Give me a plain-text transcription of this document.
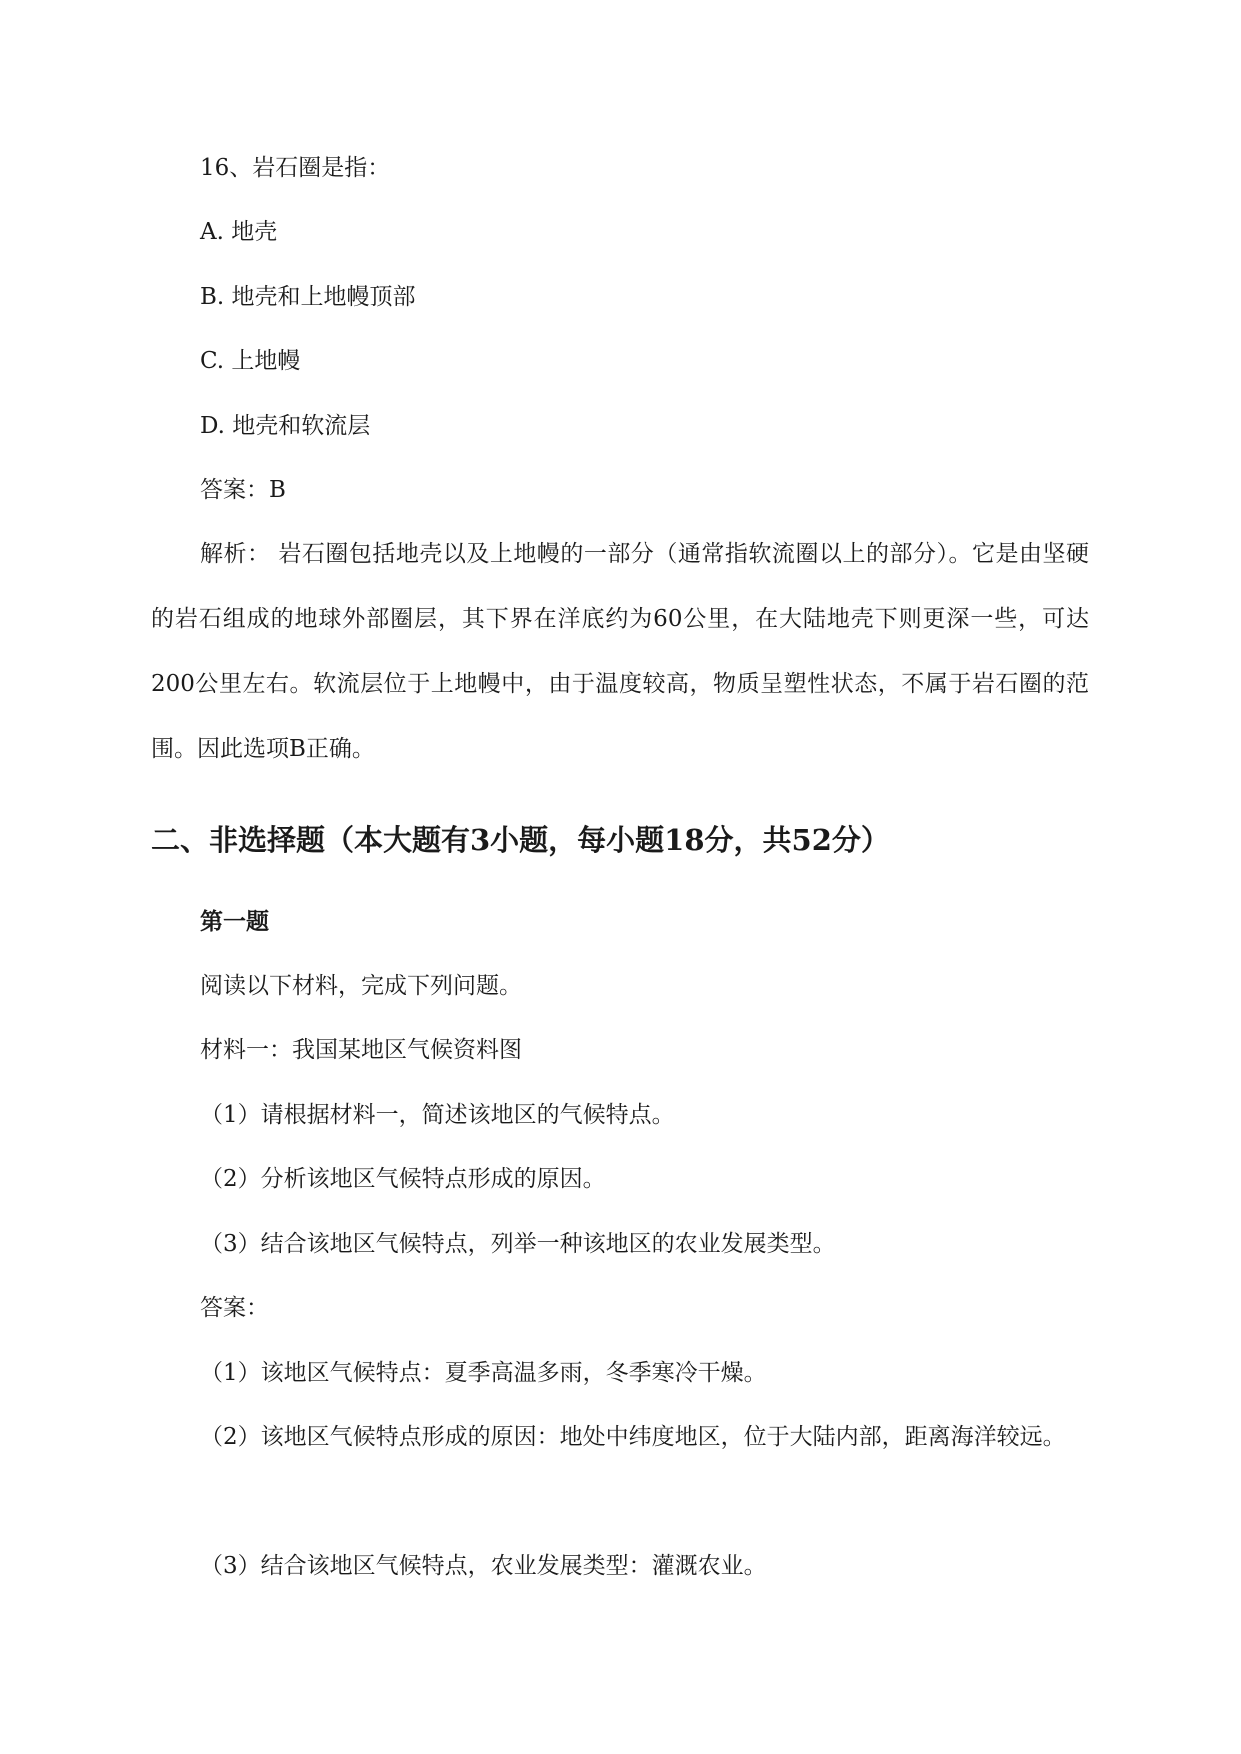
16、岩石圈是指：
A. 地壳
B. 地壳和上地幔顶部
C. 上地幔
D. 地壳和软流层
答案：B
解析： 岩石圈包括地壳以及上地幔的一部分（通常指软流圈以上的部分）。它是由坚硬的岩石组成的地球外部圈层，其下界在洋底约为60公里，在大陆地壳下则更深一些，可达200公里左右。软流层位于上地幔中，由于温度较高，物质呈塑性状态，不属于岩石圈的范围。因此选项B正确。
二、非选择题（本大题有3小题，每小题18分，共52分）
第一题
阅读以下材料，完成下列问题。
材料一：我国某地区气候资料图
（1）请根据材料一，简述该地区的气候特点。
（2）分析该地区气候特点形成的原因。
（3）结合该地区气候特点，列举一种该地区的农业发展类型。
答案：
（1）该地区气候特点：夏季高温多雨，冬季寒冷干燥。
（2）该地区气候特点形成的原因：地处中纬度地区，位于大陆内部，距离海洋较远。
（3）结合该地区气候特点，农业发展类型：灌溉农业。
